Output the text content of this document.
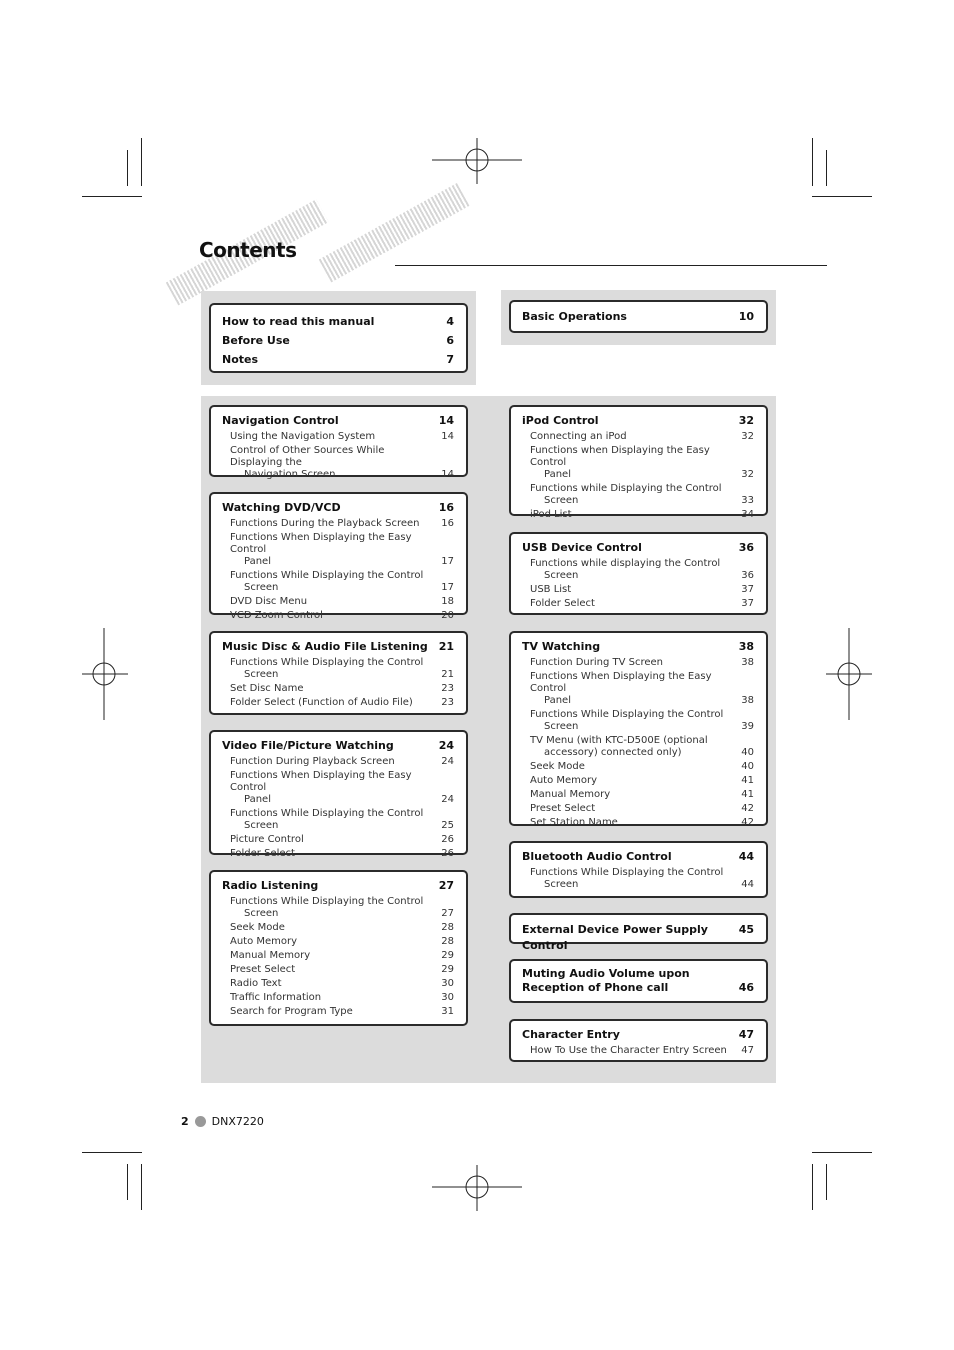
Contents
How to read this manual	4
Before Use	6
Notes	7
Basic Operations	10
Navigation Control	14
Using the Navigation System	14
Control of Other Sources While Displaying the
Navigation Screen	14
Watching DVD/VCD	16
Functions During the Playback Screen	16
Functions When Displaying the Easy Control
Panel	17
Functions While Displaying the Control
Screen	17
DVD Disc Menu	18
VCD Zoom Control	20
Music Disc & Audio File Listening 21
Functions While Displaying the Control
Screen	21
Set Disc Name	23
Folder Select (Function of Audio File)	23
Video File/Picture Watching	24
Function During Playback Screen	24
Functions When Displaying the Easy Control
Panel	24
Functions While Displaying the Control
Screen	25
Picture Control	26
Folder Select	26
Radio Listening	27
Functions While Displaying the Control
Screen	27
Seek Mode	28
Auto Memory	28
Manual Memory	29
Preset Select	29
Radio Text	30
Traffic Information	30
Search for Program Type	31
iPod Control	32
Connecting an iPod	32
Functions when Displaying the Easy Control
Panel	32
Functions while Displaying the Control
Screen	33
iPod List	34
USB Device Control	36
Functions while displaying the Control
Screen	36
USB List	37
Folder Select	37
TV Watching	38
Function During TV Screen	38
Functions When Displaying the Easy Control
Panel	38
Functions While Displaying the Control
Screen	39
TV Menu (with KTC-D500E (optional
accessory) connected only)	40
Seek Mode	40
Auto Memory	41
Manual Memory	41
Preset Select	42
Set Station Name	42
Bluetooth Audio Control	44
Functions While Displaying the Control
Screen	44
External Device Power Supply Control
45
Muting Audio Volume upon Reception of Phone call	46
Character Entry	47
How To Use the Character Entry Screen	47
2 DNX7220
